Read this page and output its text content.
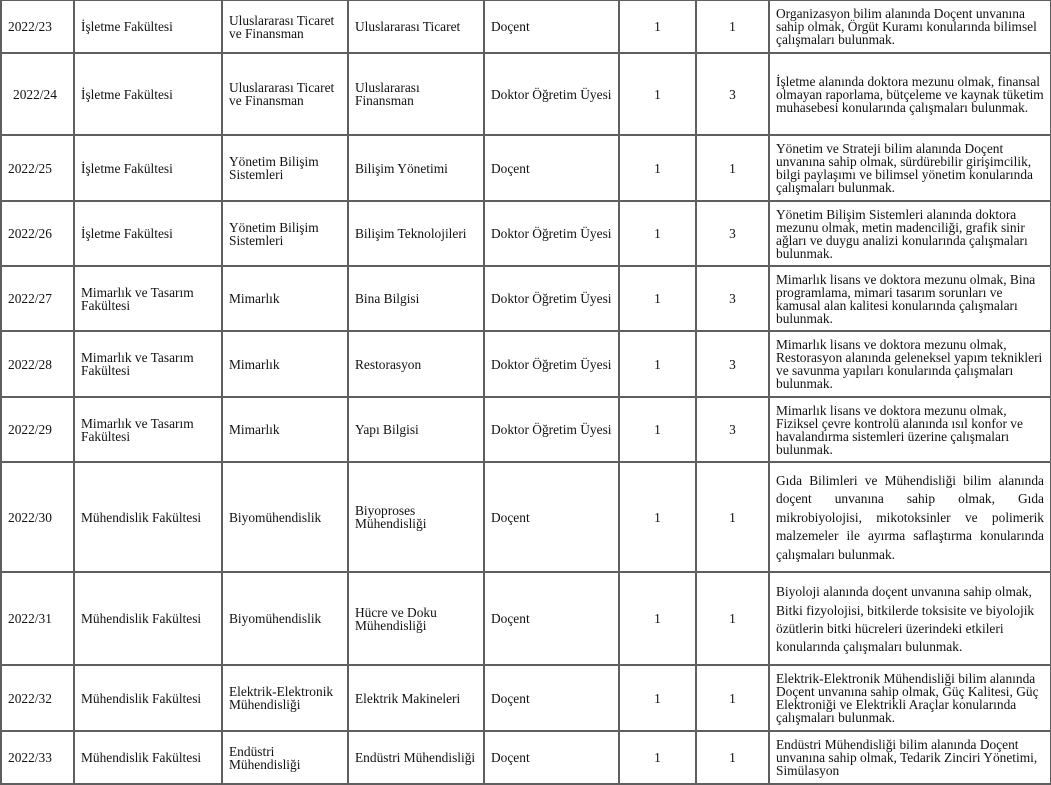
2022/23	İşletme Fakültesi	Uluslararası Ticaret ve Finansman	Uluslararası Ticaret	Doçent	1	1	Organizasyon bilim alanında Doçent unvanına sahip olmak, Örgüt Kuramı konularında bilimsel çalışmaları bulunmak.

2022/24	İşletme Fakültesi	Uluslararası Ticaret ve Finansman	Uluslararası Finansman	Doktor Öğretim Üyesi	1	3	İşletme alanında doktora mezunu olmak, finansal olmayan raporlama, bütçeleme ve kaynak tüketim muhasebesi konularında çalışmaları bulunmak.

2022/25	İşletme Fakültesi	Yönetim Bilişim Sistemleri	Bilişim Yönetimi	Doçent	1	1	Yönetim ve Strateji bilim alanında Doçent unvanına sahip olmak, sürdürebilir girişimcilik, bilgi paylaşımı ve bilimsel yönetim konularında çalışmaları bulunmak.

2022/26	İşletme Fakültesi	Yönetim Bilişim Sistemleri	Bilişim Teknolojileri	Doktor Öğretim Üyesi	1	3	Yönetim Bilişim Sistemleri alanında doktora mezunu olmak, metin madenciliği, grafik sinir ağları ve duygu analizi konularında çalışmaları bulunmak.

2022/27	Mimarlık ve Tasarım Fakültesi	Mimarlık	Bina Bilgisi	Doktor Öğretim Üyesi	1	3	Mimarlık lisans ve doktora mezunu olmak, Bina programlama, mimari tasarım sorunları ve kamusal alan kalitesi konularında çalışmaları bulunmak.

2022/28	Mimarlık ve Tasarım Fakültesi	Mimarlık	Restorasyon	Doktor Öğretim Üyesi	1	3	Mimarlık lisans ve doktora mezunu olmak, Restorasyon alanında geleneksel yapım teknikleri ve savunma yapıları konularında çalışmaları bulunmak.

2022/29	Mimarlık ve Tasarım Fakültesi	Mimarlık	Yapı Bilgisi	Doktor Öğretim Üyesi	1	3	Mimarlık lisans ve doktora mezunu olmak, Fiziksel çevre kontrolü alanında ısıl konfor ve havalandırma sistemleri üzerine çalışmaları bulunmak.

2022/30	Mühendislik Fakültesi	Biyomühendislik	Biyoproses Mühendisliği	Doçent	1	1	Gıda Bilimleri ve Mühendisliği bilim alanında doçent unvanına sahip olmak, Gıda mikrobiyolojisi, mikotoksinler ve polimerik malzemeler ile ayırma saflaştırma konularında çalışmaları bulunmak.

2022/31	Mühendislik Fakültesi	Biyomühendislik	Hücre ve Doku Mühendisliği	Doçent	1	1	Biyoloji alanında doçent unvanına sahip olmak, Bitki fizyolojisi, bitkilerde toksisite ve biyolojik özütlerin bitki hücreleri üzerindeki etkileri konularında çalışmaları bulunmak.

2022/32	Mühendislik Fakültesi	Elektrik-Elektronik Mühendisliği	Elektrik Makineleri	Doçent	1	1	Elektrik-Elektronik Mühendisliği bilim alanında Doçent unvanına sahip olmak, Güç Kalitesi, Güç Elektroniği ve Elektrikli Araçlar konularında çalışmaları bulunmak.

2022/33	Mühendislik Fakültesi	Endüstri Mühendisliği	Endüstri Mühendisliği	Doçent	1	1	Endüstri Mühendisliği bilim alanında Doçent unvanına sahip olmak, Tedarik Zinciri Yönetimi, Simülasyon
